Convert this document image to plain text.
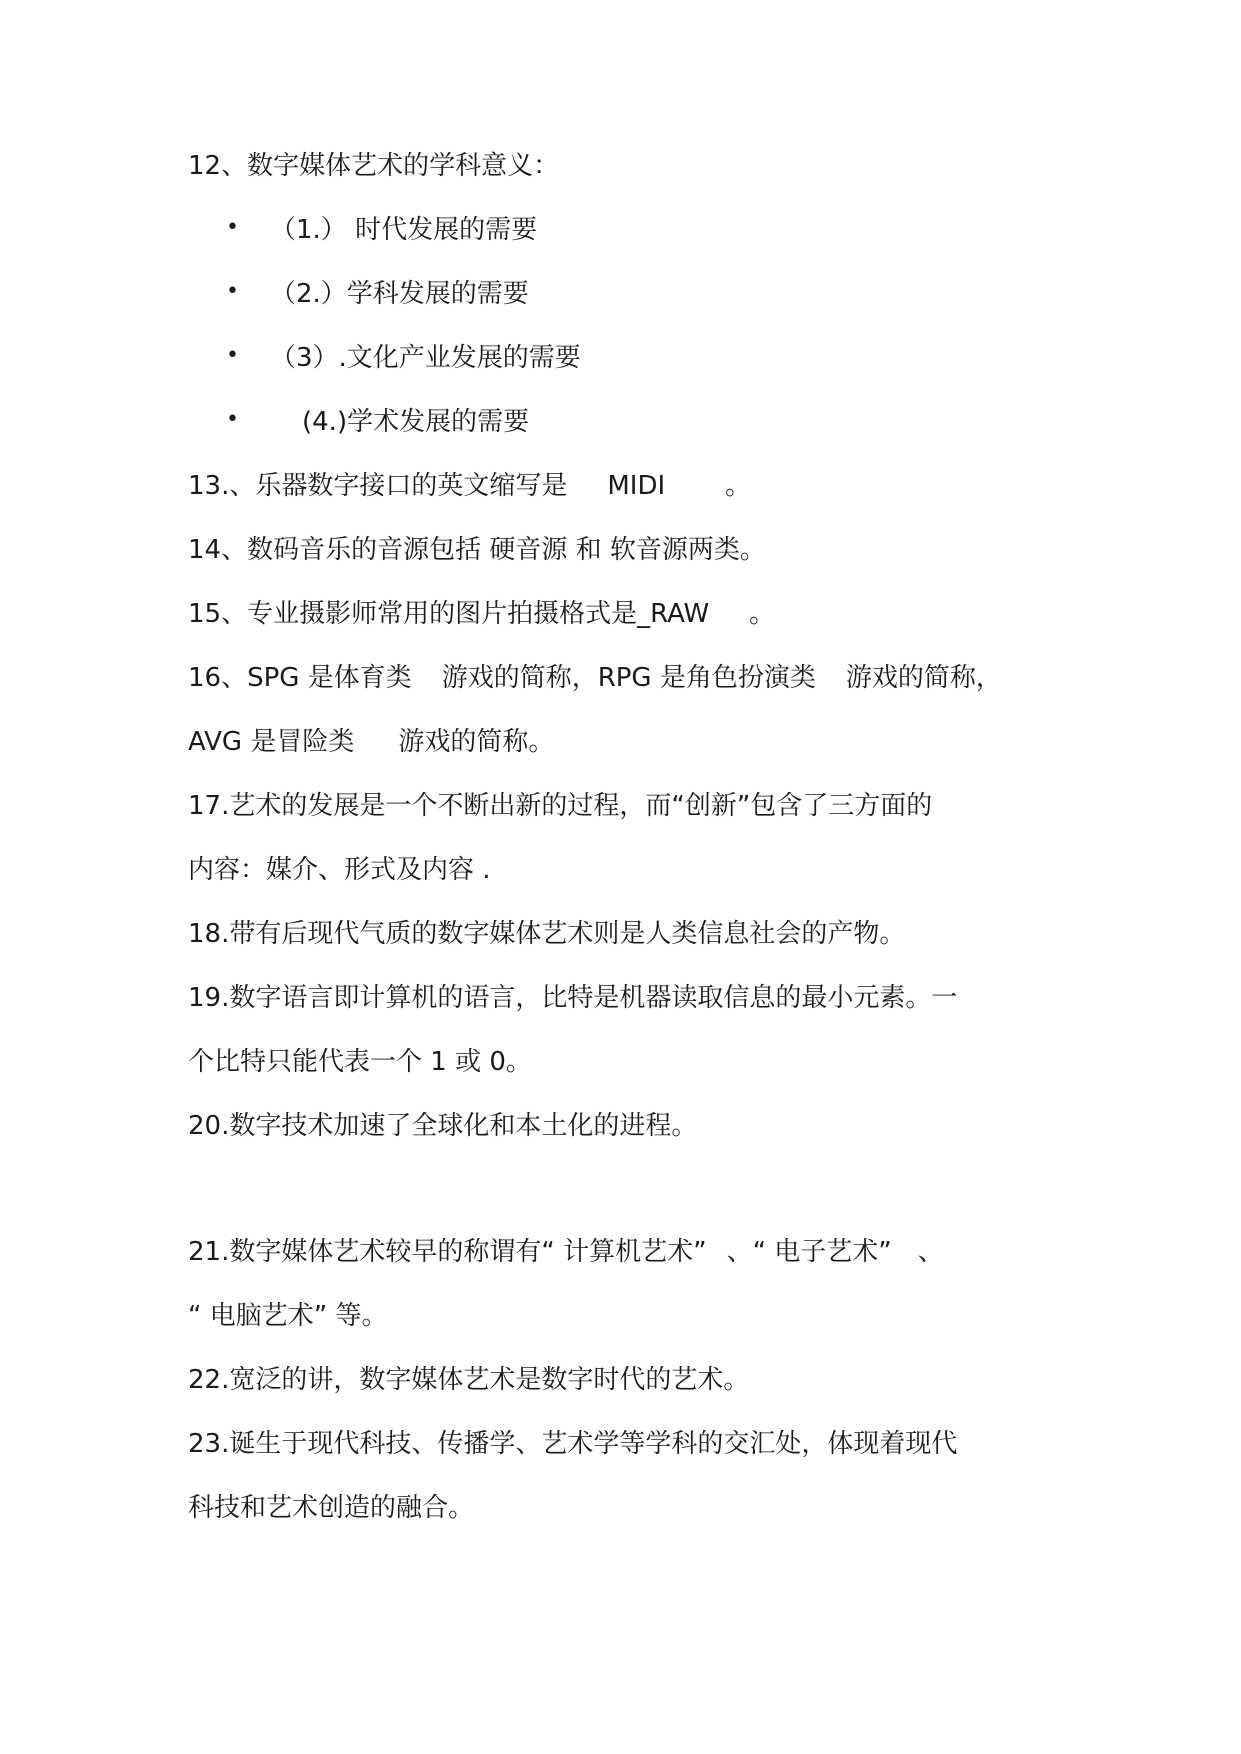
12、数字媒体艺术的学科意义：
• （1.） 时代发展的需要
• （2.）学科发展的需要
• （3）.文化产业发展的需要
• (4.)学术发展的需要
13.、乐器数字接口的英文缩写是 MIDI 。
14、数码音乐的音源包括 硬音源 和 软音源两类。
15、专业摄影师常用的图片拍摄格式是_RAW 。
16、SPG 是体育类 游戏的简称，RPG 是角色扮演类 游戏的简称，
AVG 是冒险类 游戏的简称。
17.艺术的发展是一个不断出新的过程，而“创新”包含了三方面的
内容：媒介、形式及内容 .
18.带有后现代气质的数字媒体艺术则是人类信息社会的产物。
19.数字语言即计算机的语言，比特是机器读取信息的最小元素。一
个比特只能代表一个 1 或 0。
20.数字技术加速了全球化和本土化的进程。
21.数字媒体艺术较早的称谓有“ 计算机艺术” 、“ 电子艺术” 、
“ 电脑艺术” 等。
22.宽泛的讲，数字媒体艺术是数字时代的艺术。
23.诞生于现代科技、传播学、艺术学等学科的交汇处，体现着现代
科技和艺术创造的融合。
